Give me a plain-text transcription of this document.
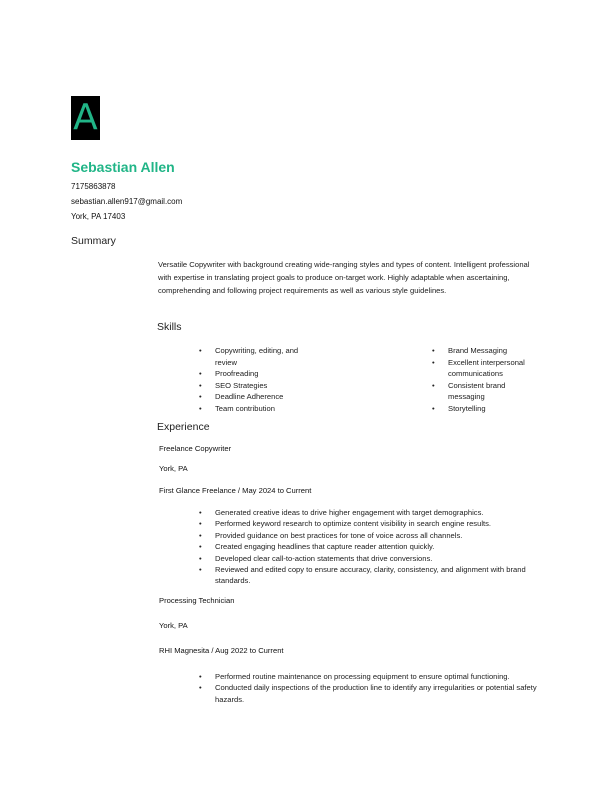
A
Sebastian Allen
7175863878
sebastian.allen917@gmail.com
York, PA 17403
Summary

Versatile Copywriter with background creating wide-ranging styles and types of content. Intelligent professional with expertise in translating project goals to produce on-target work. Highly adaptable when ascertaining, comprehending and following project requirements as well as various style guidelines.

Skills
• Copywriting, editing, and review
• Proofreading
• SEO Strategies
• Deadline Adherence
• Team contribution
• Brand Messaging
• Excellent interpersonal communications
• Consistent brand messaging
• Storytelling
Experience
Freelance Copywriter
York, PA
First Glance Freelance / May 2024 to Current
• Generated creative ideas to drive higher engagement with target demographics.
• Performed keyword research to optimize content visibility in search engine results.
• Provided guidance on best practices for tone of voice across all channels.
• Created engaging headlines that capture reader attention quickly.
• Developed clear call-to-action statements that drive conversions.
• Reviewed and edited copy to ensure accuracy, clarity, consistency, and alignment with brand standards.
Processing Technician
York, PA
RHI Magnesita / Aug 2022 to Current
• Performed routine maintenance on processing equipment to ensure optimal functioning.
• Conducted daily inspections of the production line to identify any irregularities or potential safety hazards.
